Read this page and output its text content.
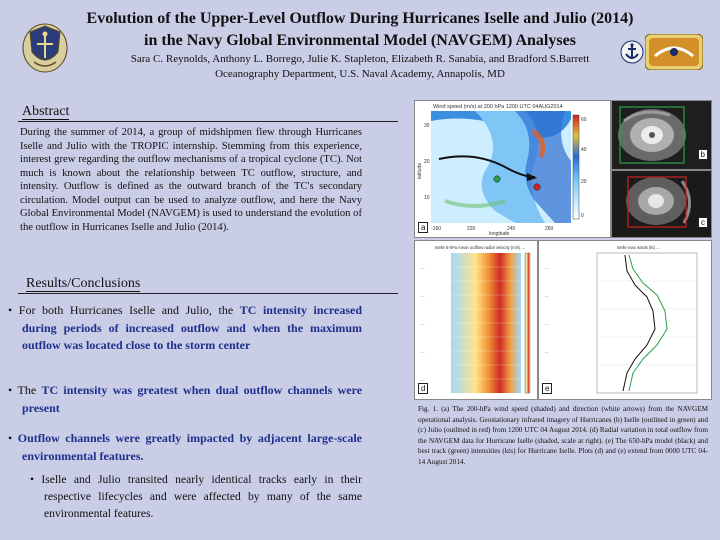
Evolution of the Upper-Level Outflow During Hurricanes Iselle and Julio (2014)
in the Navy Global Environmental Model (NAVGEM) Analyses
Sara C. Reynolds, Anthony L. Borrego, Julie K. Stapleton, Elizabeth R. Sanabia, and Bradford S.Barrett
Oceanography Department, U.S. Naval Academy, Annapolis, MD
Abstract
During the summer of 2014, a group of midshipmen flew through Hurricanes Iselle and Julio with the TROPIC internship. Stemming from this experience, interest grew regarding the outflow mechanisms of a tropical cyclone (TC). Not much is known about the relationship between TC outflow, structure, and intensity. Outflow is defined as the outward branch of the TC's secondary circulation. Model output can be used to analyze outflow, and here the Navy Global Environmental Model (NAVGEM) is used to understand the evolution of the outflow in Hurricanes Iselle and Julio (2014).
Results/Conclusions
• For both Hurricanes Iselle and Julio, the TC intensity increased during periods of increased outflow and when the maximum outflow was located close to the storm center
• The TC intensity was greatest when dual outflow channels were present
• Outflow channels were greatly impacted by adjacent large-scale environmental features.
• Iselle and Julio transited nearly identical tracks early in their respective lifecycles and were affected by many of the same environmental features.
Wind speed (m/s) at 200 hPa 1200 UTC 04AUG2014
latitude
longitude
-160	220	240	260
30
20
10
60
40
20
0
a
b
c
---
---
---
---
---
Iselle 5-hPa mean outflow radial velocity (m/s) ...
d
---
---
---
---
---
Iselle max winds (kt) ...
e
Fig. 1. (a) The 200-hPa wind speed (shaded) and direction (white arrows) from the NAVGEM operational analysis. Geostationary infrared imagery of Hurricanes (b) Iselle (outlined in green) and (c) Julio (outlined in red) from 1200 UTC 04 August 2014. (d) Radial variation in total outflow from the NAVGEM data for Hurricane Iselle (shaded, scale at right). (e) The 650-hPa model (black) and best track (green) intensities (kts) for Hurricane Iselle. Plots (d) and (e) extend from 0000 UTC 04-14 August 2014.
